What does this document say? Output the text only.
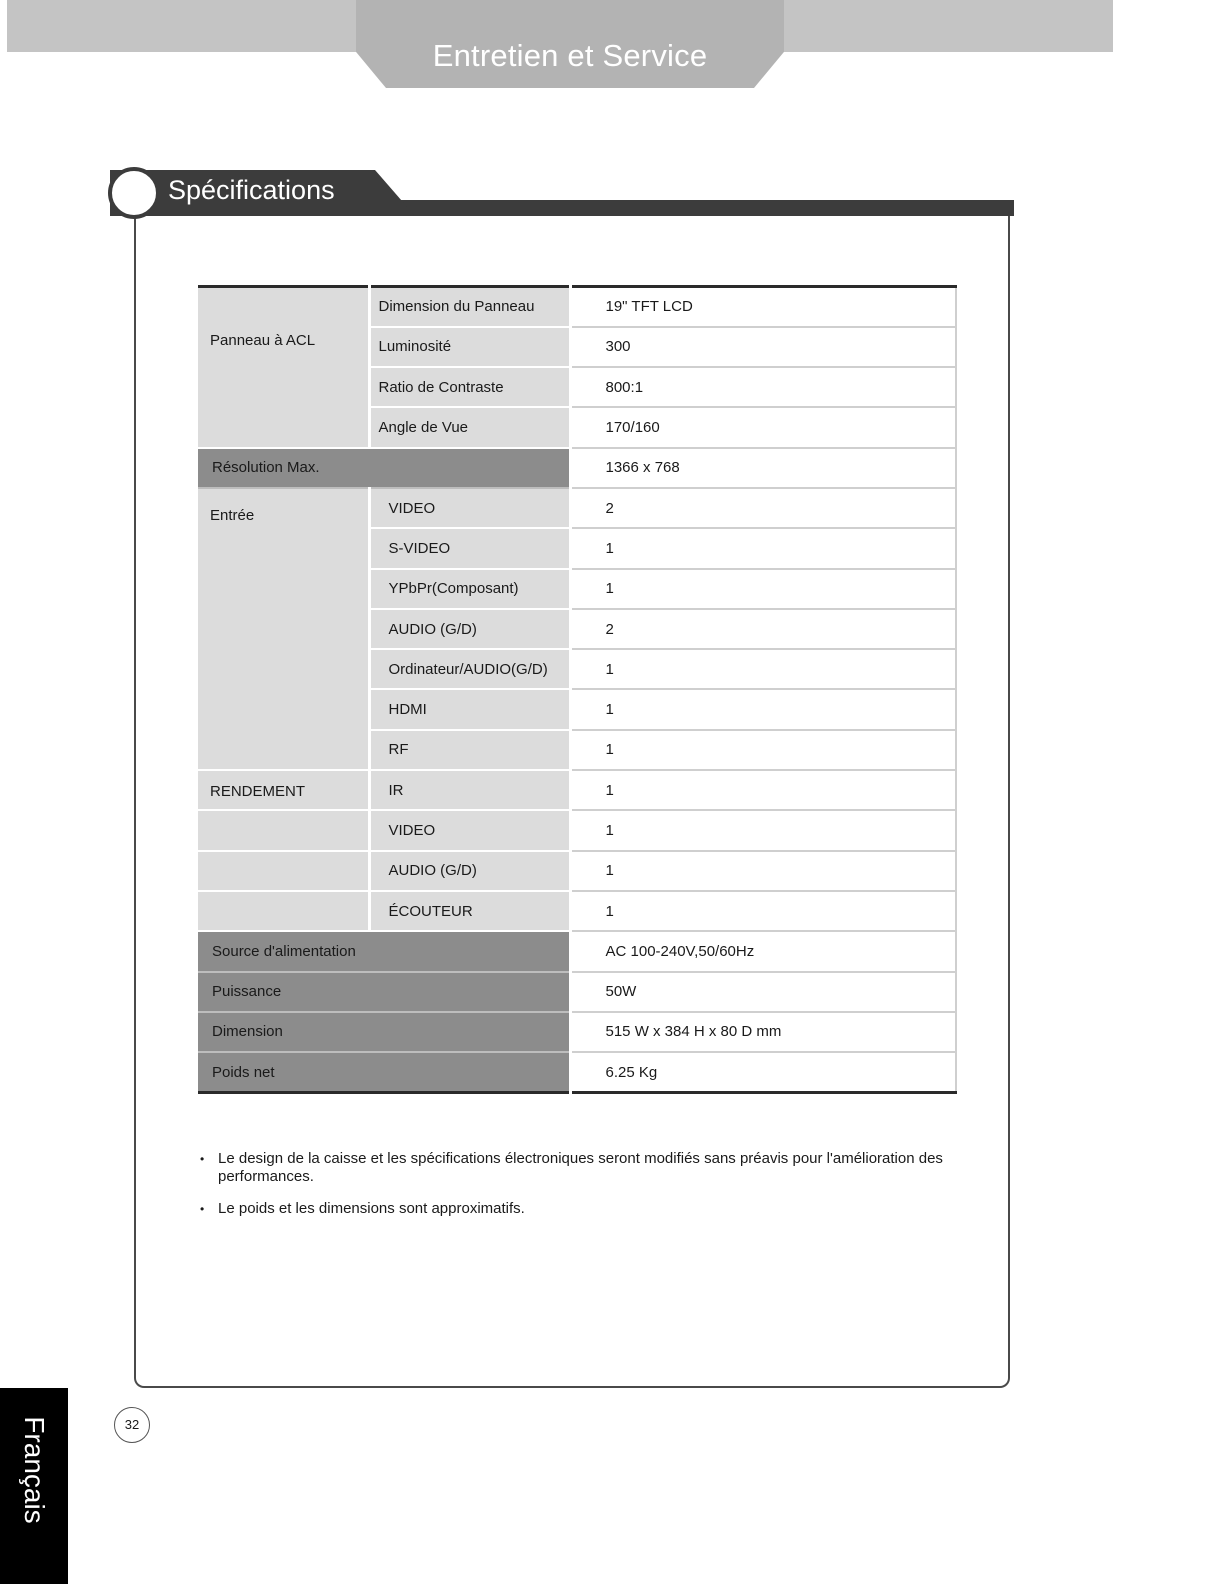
Entretien et Service
Spécifications
Panneau à ACL	Dimension du Panneau	19" TFT LCD

	Luminosité	300

	Ratio de Contraste	800:1

	Angle de Vue	170/160
Résolution Max.		1366 x 768
Entrée	VIDEO	2

	S-VIDEO	1

	YPbPr(Composant)	1

	AUDIO (G/D)	2

	Ordinateur/AUDIO(G/D)	1

	HDMI	1

	RF	1
RENDEMENT	IR	1

	VIDEO	1

	AUDIO (G/D)	1

	ÉCOUTEUR	1
Source d'alimentation		AC 100-240V,50/60Hz
Puissance		50W
Dimension		515 W x 384 H x 80 D mm
Poids net		6.25 Kg
• Le design de la caisse et les spécifications électroniques seront modifiés sans préavis pour l'amélioration des performances.
• Le poids et les dimensions sont approximatifs.
32
Français
